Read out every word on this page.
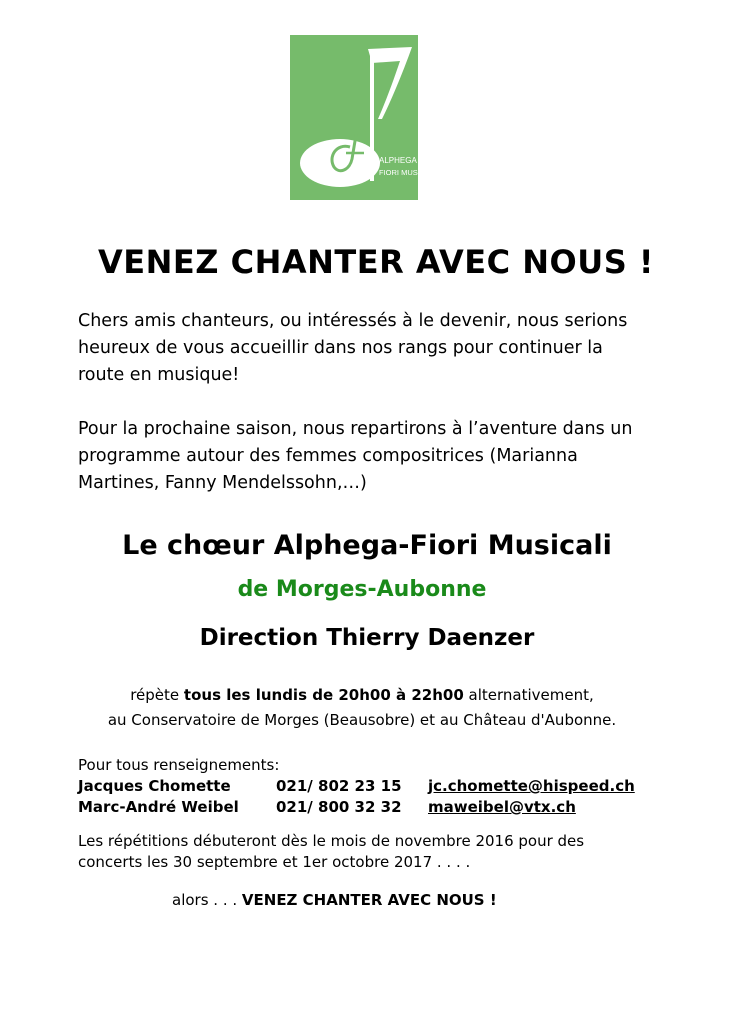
ALPHEGA
FIORI MUSICALI
VENEZ CHANTER AVEC NOUS !

Chers amis chanteurs, ou intéressés à le devenir, nous serions
heureux de vous accueillir dans nos rangs pour continuer la
route en musique!

Pour la prochaine saison, nous repartirons à l’aventure dans un
programme autour des femmes compositrices (Marianna
Martines, Fanny Mendelssohn,…)

Le chœur Alphega-Fiori Musicali
de Morges-Aubonne
Direction Thierry Daenzer

répète tous les lundis de 20h00 à 22h00 alternativement,
au Conservatoire de Morges (Beausobre) et au Château d'Aubonne.

Pour tous renseignements:
Jacques Chomette	021/ 802 23 15 jc.chomette@hispeed.ch
Marc-André Weibel 021/ 800 32 32 maweibel@vtx.ch

Les répétitions débuteront dès le mois de novembre 2016 pour des
concerts les 30 septembre et 1er octobre 2017 . . . .

alors . . . VENEZ CHANTER AVEC NOUS !
